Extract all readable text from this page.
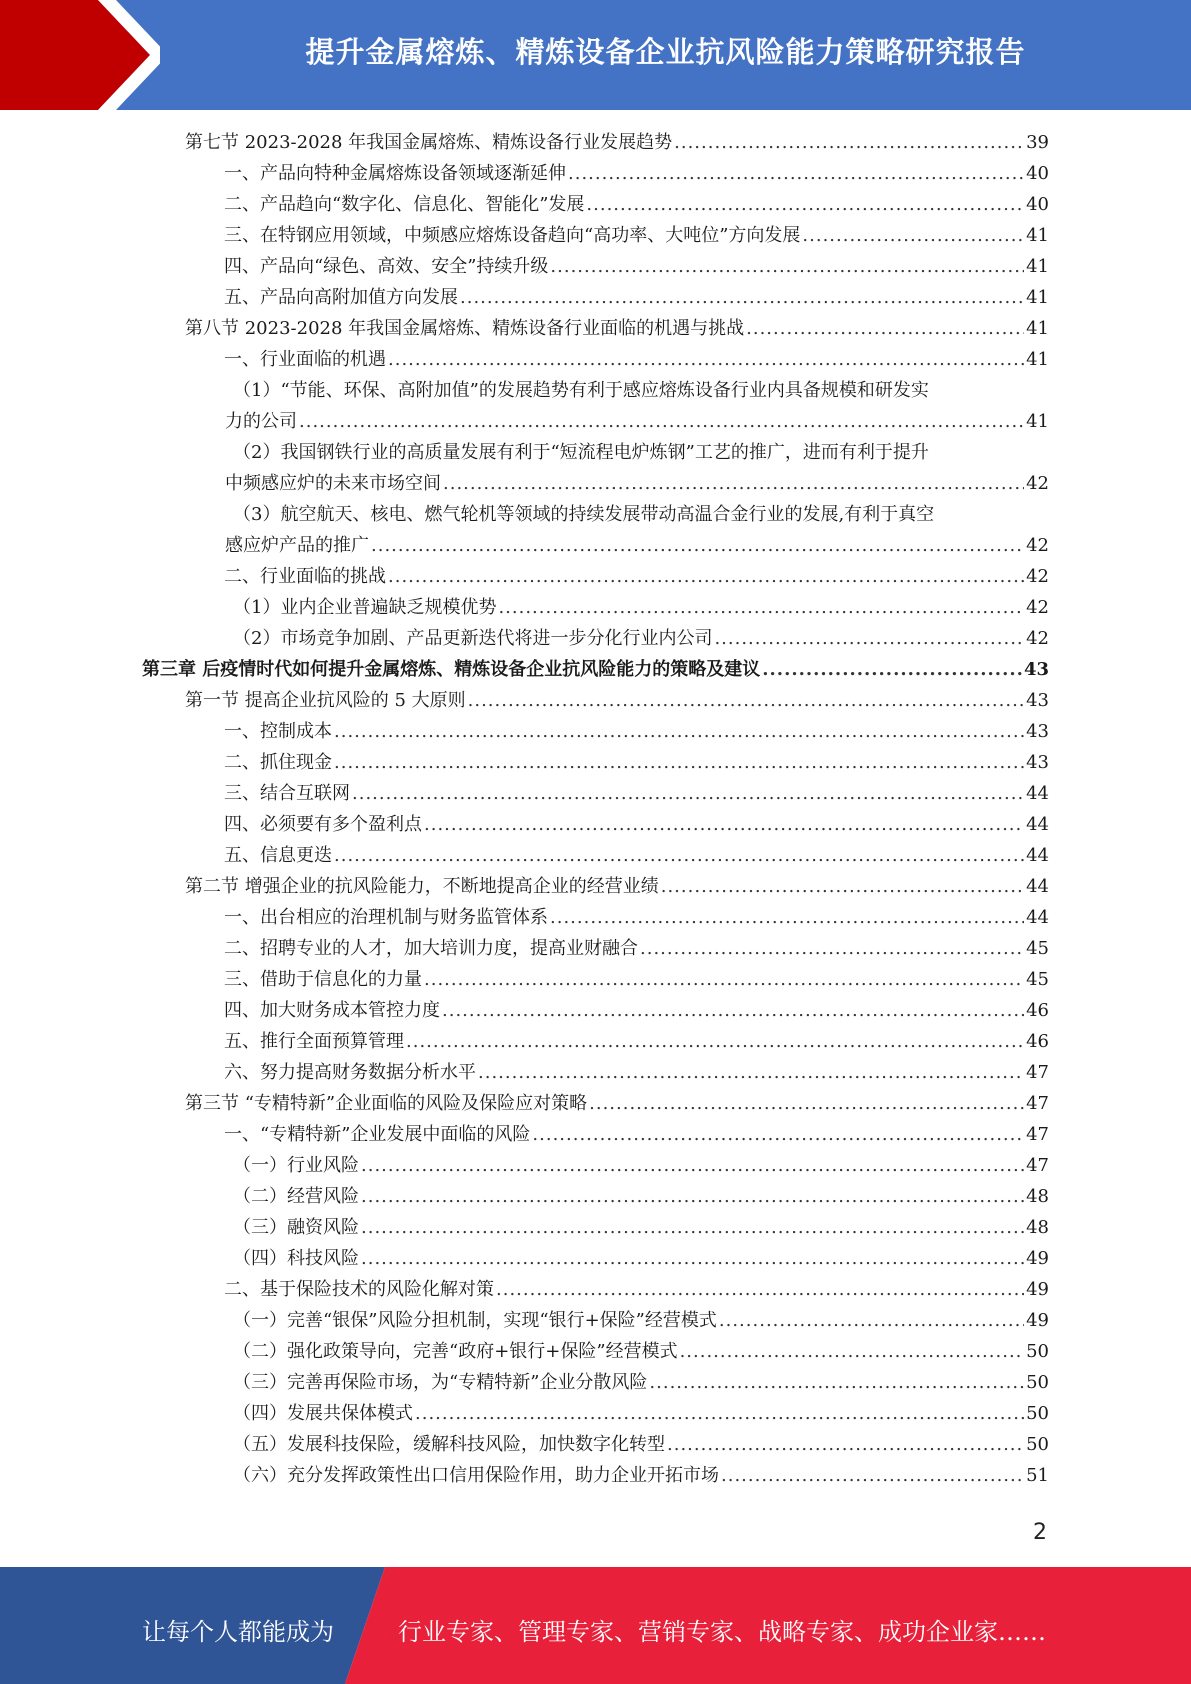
提升金属熔炼、精炼设备企业抗风险能力策略研究报告
第七节 2023-2028 年我国金属熔炼、精炼设备行业发展趋势 .....	39
一、产品向特种金属熔炼设备领域逐渐延伸 .....	40
二、产品趋向“数字化、信息化、智能化”发展 .....	40
三、在特钢应用领域，中频感应熔炼设备趋向“高功率、大吨位”方向发展 .....	41
四、产品向“绿色、高效、安全”持续升级 .....	41
五、产品向高附加值方向发展 .....	41
第八节 2023-2028 年我国金属熔炼、精炼设备行业面临的机遇与挑战 .....	41
一、行业面临的机遇 .....	41
（1）“节能、环保、高附加值”的发展趋势有利于感应熔炼设备行业内具备规模和研发实
力的公司 .....	41
（2）我国钢铁行业的高质量发展有利于“短流程电炉炼钢”工艺的推广，进而有利于提升
中频感应炉的未来市场空间 .....	42
（3）航空航天、核电、燃气轮机等领域的持续发展带动高温合金行业的发展,有利于真空
感应炉产品的推广 .....	42
二、行业面临的挑战 .....	42
（1）业内企业普遍缺乏规模优势 .....	42
（2）市场竞争加剧、产品更新迭代将进一步分化行业内公司 .....	42
第三章 后疫情时代如何提升金属熔炼、精炼设备企业抗风险能力的策略及建议 .....	43
第一节 提高企业抗风险的 5 大原则 .....	43
一、控制成本 .....	43
二、抓住现金 .....	43
三、结合互联网 .....	44
四、必须要有多个盈利点 .....	44
五、信息更迭 .....	44
第二节 增强企业的抗风险能力，不断地提高企业的经营业绩 .....	44
一、出台相应的治理机制与财务监管体系 .....	44
二、招聘专业的人才，加大培训力度，提高业财融合 .....	45
三、借助于信息化的力量 .....	45
四、加大财务成本管控力度 .....	46
五、推行全面预算管理 .....	46
六、努力提高财务数据分析水平 .....	47
第三节 “专精特新”企业面临的风险及保险应对策略 .....	47
一、“专精特新”企业发展中面临的风险 .....	47
（一）行业风险 .....	47
（二）经营风险 .....	48
（三）融资风险 .....	48
（四）科技风险 .....	49
二、基于保险技术的风险化解对策 .....	49
（一）完善“银保”风险分担机制，实现“银行+保险”经营模式 .....	49
（二）强化政策导向，完善“政府+银行+保险”经营模式 .....	50
（三）完善再保险市场，为“专精特新”企业分散风险 .....	50
（四）发展共保体模式 .....	50
（五）发展科技保险，缓解科技风险，加快数字化转型 .....	50
（六）充分发挥政策性出口信用保险作用，助力企业开拓市场 .....	51
2
让每个人都能成为	行业专家、管理专家、营销专家、战略专家、成功企业家……
